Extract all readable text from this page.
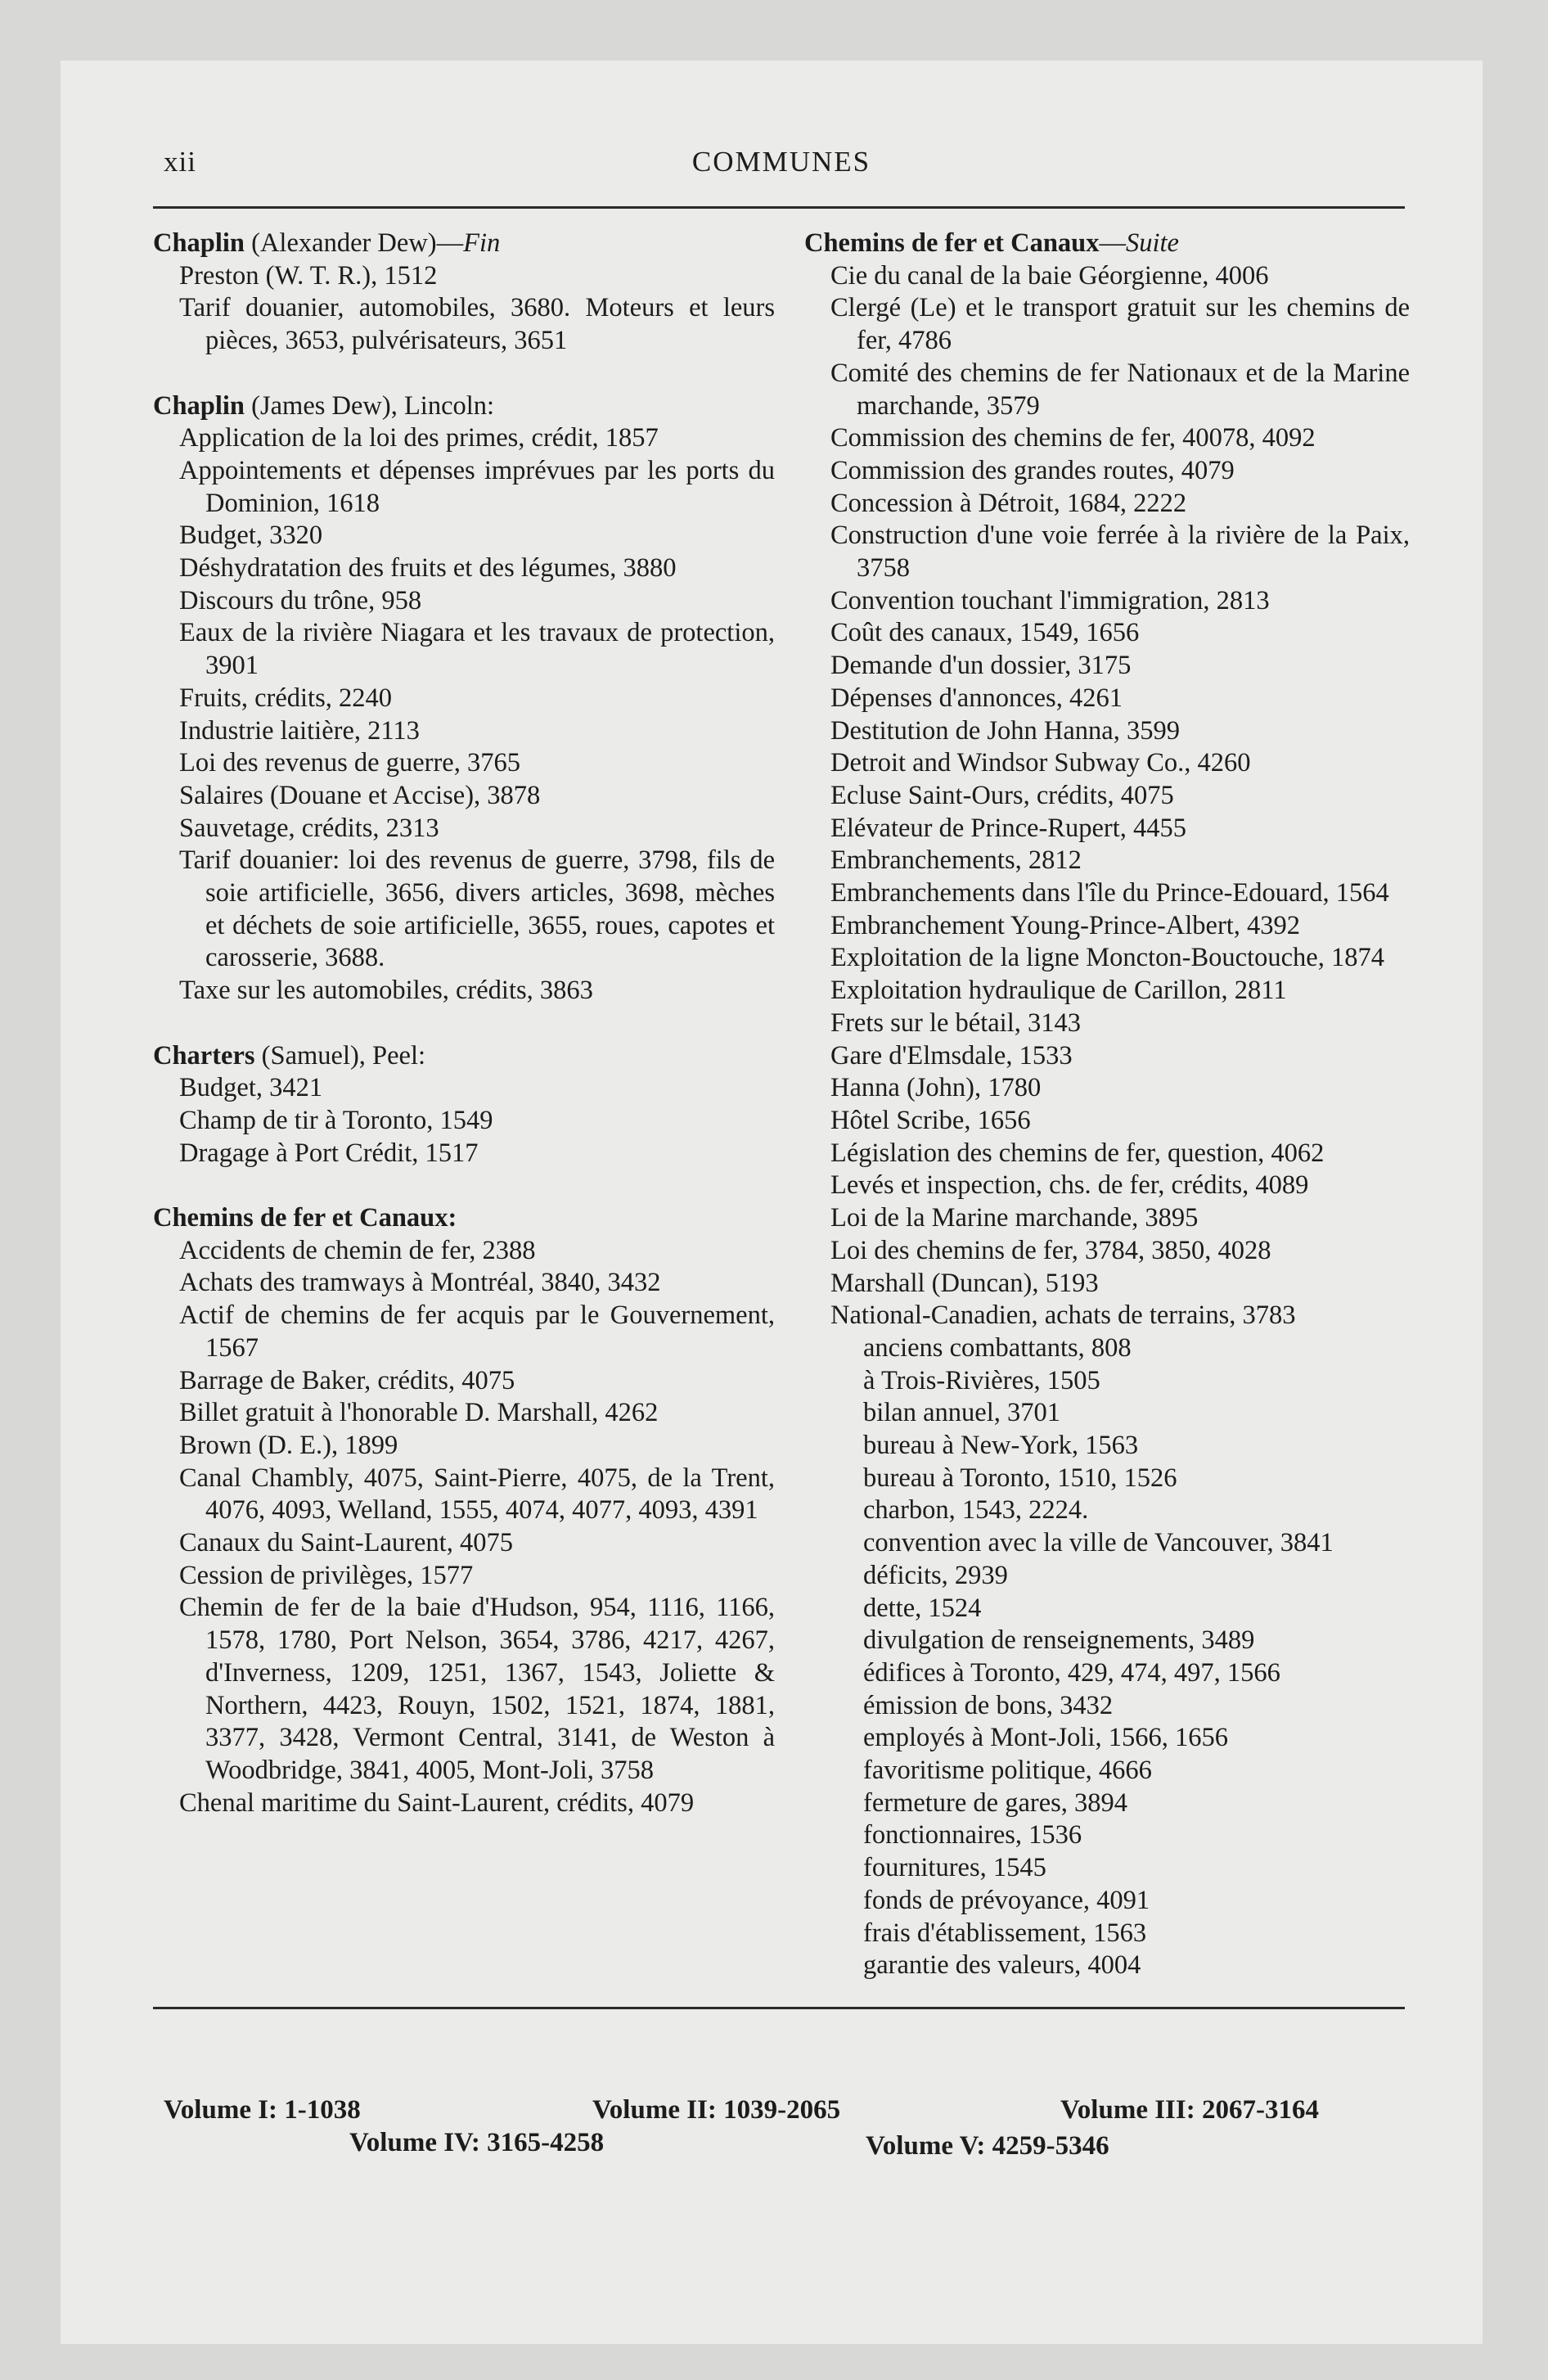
xii	COMMUNES

Chaplin (Alexander Dew)—Fin

Preston (W. T. R.), 1512

Tarif douanier, automobiles, 3680. Moteurs et leurs pièces, 3653, pulvérisateurs, 3651

Chaplin (James Dew), Lincoln:

Application de la loi des primes, crédit, 1857

Appointements et dépenses imprévues par les ports du Dominion, 1618

Budget, 3320

Déshydratation des fruits et des légumes, 3880

Discours du trône, 958

Eaux de la rivière Niagara et les travaux de protection, 3901

Fruits, crédits, 2240

Industrie laitière, 2113

Loi des revenus de guerre, 3765

Salaires (Douane et Accise), 3878

Sauvetage, crédits, 2313

Tarif douanier: loi des revenus de guerre, 3798, fils de soie artificielle, 3656, divers articles, 3698, mèches et déchets de soie artificielle, 3655, roues, capotes et carosserie, 3688.

Taxe sur les automobiles, crédits, 3863

Charters (Samuel), Peel:

Budget, 3421

Champ de tir à Toronto, 1549

Dragage à Port Crédit, 1517

Chemins de fer et Canaux:

Accidents de chemin de fer, 2388

Achats des tramways à Montréal, 3840, 3432

Actif de chemins de fer acquis par le Gouvernement, 1567

Barrage de Baker, crédits, 4075

Billet gratuit à l'honorable D. Marshall, 4262

Brown (D. E.), 1899

Canal Chambly, 4075, Saint-Pierre, 4075, de la Trent, 4076, 4093, Welland, 1555, 4074, 4077, 4093, 4391

Canaux du Saint-Laurent, 4075

Cession de privilèges, 1577

Chemin de fer de la baie d'Hudson, 954, 1116, 1166, 1578, 1780, Port Nelson, 3654, 3786, 4217, 4267, d'Inverness, 1209, 1251, 1367, 1543, Joliette & Northern, 4423, Rouyn, 1502, 1521, 1874, 1881, 3377, 3428, Vermont Central, 3141, de Weston à Woodbridge, 3841, 4005, Mont-Joli, 3758

Chenal maritime du Saint-Laurent, crédits, 4079

Chemins de fer et Canaux—Suite

Cie du canal de la baie Géorgienne, 4006

Clergé (Le) et le transport gratuit sur les chemins de fer, 4786

Comité des chemins de fer Nationaux et de la Marine marchande, 3579

Commission des chemins de fer, 40078, 4092

Commission des grandes routes, 4079

Concession à Détroit, 1684, 2222

Construction d'une voie ferrée à la rivière de la Paix, 3758

Convention touchant l'immigration, 2813

Coût des canaux, 1549, 1656

Demande d'un dossier, 3175

Dépenses d'annonces, 4261

Destitution de John Hanna, 3599

Detroit and Windsor Subway Co., 4260

Ecluse Saint-Ours, crédits, 4075

Elévateur de Prince-Rupert, 4455

Embranchements, 2812

Embranchements dans l'île du Prince-Edouard, 1564

Embranchement Young-Prince-Albert, 4392

Exploitation de la ligne Moncton-Bouctouche, 1874

Exploitation hydraulique de Carillon, 2811

Frets sur le bétail, 3143

Gare d'Elmsdale, 1533

Hanna (John), 1780

Hôtel Scribe, 1656

Législation des chemins de fer, question, 4062

Levés et inspection, chs. de fer, crédits, 4089

Loi de la Marine marchande, 3895

Loi des chemins de fer, 3784, 3850, 4028

Marshall (Duncan), 5193

National-Canadien, achats de terrains, 3783

anciens combattants, 808

à Trois-Rivières, 1505

bilan annuel, 3701

bureau à New-York, 1563

bureau à Toronto, 1510, 1526

charbon, 1543, 2224.

convention avec la ville de Vancouver, 3841

déficits, 2939

dette, 1524

divulgation de renseignements, 3489

édifices à Toronto, 429, 474, 497, 1566

émission de bons, 3432

employés à Mont-Joli, 1566, 1656

favoritisme politique, 4666

fermeture de gares, 3894

fonctionnaires, 1536

fournitures, 1545

fonds de prévoyance, 4091

frais d'établissement, 1563

garantie des valeurs, 4004

Volume I: 1-1038	Volume II: 1039-2065	Volume III: 2067-3164
Volume IV: 3165-4258	Volume V: 4259-5346
